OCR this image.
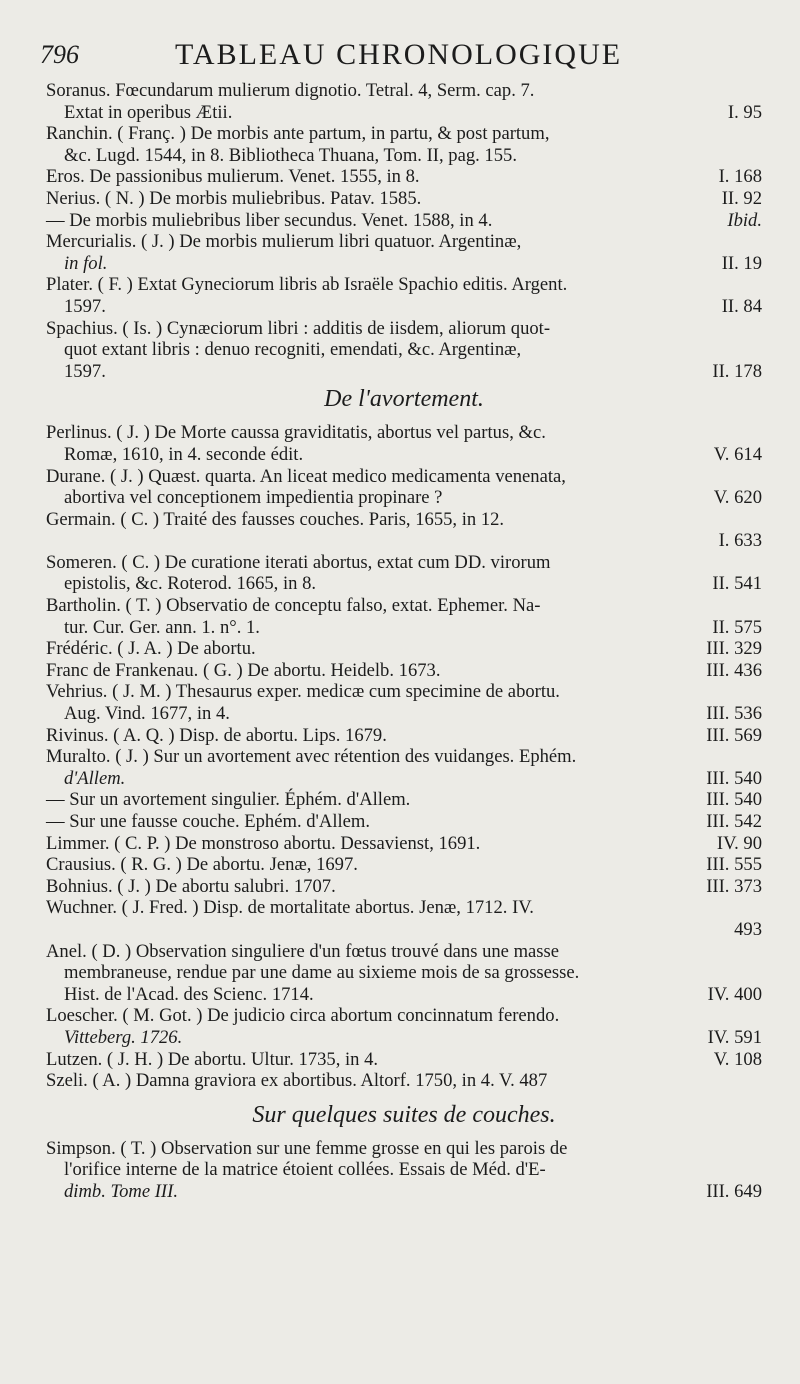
796	TABLEAU CHRONOLOGIQUE
Soranus. Fœcundarum mulierum dignotio. Tetral. 4, Serm. cap. 7.
Extat in operibus Ætii.	I. 95
Ranchin. ( Franç. ) De morbis ante partum, in partu, & post partum,
&c. Lugd. 1544, in 8. Bibliotheca Thuana, Tom. II, pag. 155.
Eros. De passionibus mulierum. Venet. 1555, in 8.	I. 168
Nerius. ( N. ) De morbis muliebribus. Patav. 1585.	II. 92
— De morbis muliebribus liber secundus. Venet. 1588, in 4.	Ibid.
Mercurialis. ( J. ) De morbis mulierum libri quatuor. Argentinæ,
in fol.	II. 19
Plater. ( F. ) Extat Gyneciorum libris ab Israële Spachio editis. Argent.
1597.	II. 84
Spachius. ( Is. ) Cynæciorum libri : additis de iisdem, aliorum quot-
quot extant libris : denuo recogniti, emendati, &c. Argentinæ,
1597.	II. 178
De l'avortement.
Perlinus. ( J. ) De Morte caussa graviditatis, abortus vel partus, &c.
Romæ, 1610, in 4. seconde édit.	V. 614
Durane. ( J. ) Quæst. quarta. An liceat medico medicamenta venenata,
abortiva vel conceptionem impedientia propinare ?	V. 620
Germain. ( C. ) Traité des fausses couches. Paris, 1655, in 12.
I. 633
Someren. ( C. ) De curatione iterati abortus, extat cum DD. virorum
epistolis, &c. Roterod. 1665, in 8.	II. 541
Bartholin. ( T. ) Observatio de conceptu falso, extat. Ephemer. Na-
tur. Cur. Ger. ann. 1. n°. 1.	II. 575
Frédéric. ( J. A. ) De abortu.	III. 329
Franc de Frankenau. ( G. ) De abortu. Heidelb. 1673.	III. 436
Vehrius. ( J. M. ) Thesaurus exper. medicæ cum specimine de abortu.
Aug. Vind. 1677, in 4.	III. 536
Rivinus. ( A. Q. ) Disp. de abortu. Lips. 1679.	III. 569
Muralto. ( J. ) Sur un avortement avec rétention des vuidanges. Ephém.
d'Allem.	III. 540
— Sur un avortement singulier. Éphém. d'Allem.	III. 540
— Sur une fausse couche. Ephém. d'Allem.	III. 542
Limmer. ( C. P. ) De monstroso abortu. Dessavienst, 1691.	IV. 90
Crausius. ( R. G. ) De abortu. Jenæ, 1697.	III. 555
Bohnius. ( J. ) De abortu salubri. 1707.	III. 373
Wuchner. ( J. Fred. ) Disp. de mortalitate abortus. Jenæ, 1712. IV.
493
Anel. ( D. ) Observation singuliere d'un fœtus trouvé dans une masse
membraneuse, rendue par une dame au sixieme mois de sa grossesse.
Hist. de l'Acad. des Scienc. 1714.	IV. 400
Loescher. ( M. Got. ) De judicio circa abortum concinnatum ferendo.
Vitteberg. 1726.	IV. 591
Lutzen. ( J. H. ) De abortu. Ultur. 1735, in 4.	V. 108
Szeli. ( A. ) Damna graviora ex abortibus. Altorf. 1750, in 4. V. 487
Sur quelques suites de couches.
Simpson. ( T. ) Observation sur une femme grosse en qui les parois de
l'orifice interne de la matrice étoient collées. Essais de Méd. d'E-
dimb. Tome III.	III. 649
